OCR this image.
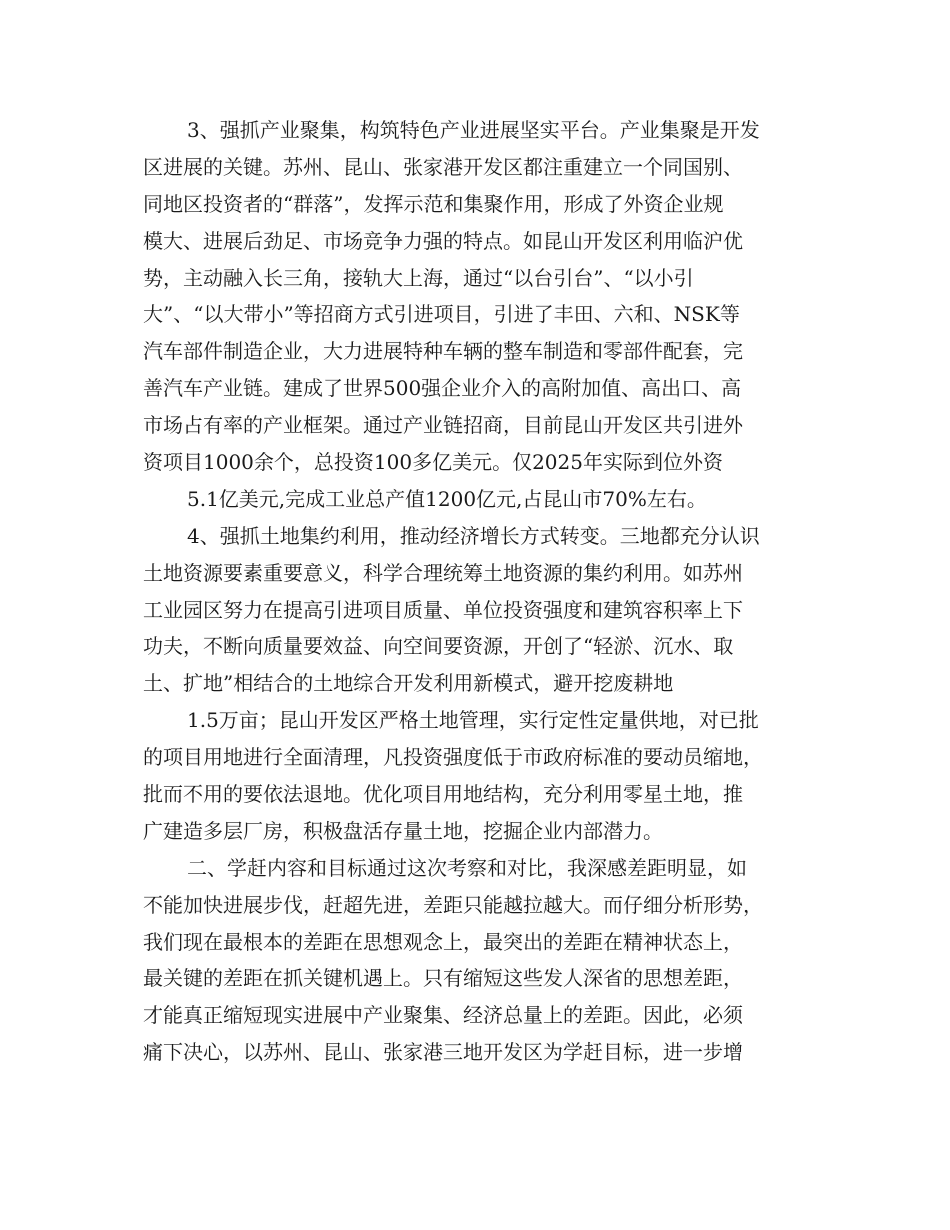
3、强抓产业聚集，构筑特色产业进展坚实平台。产业集聚是开发
区进展的关键。苏州、昆山、张家港开发区都注重建立一个同国别、
同地区投资者的“群落”，发挥示范和集聚作用，形成了外资企业规
模大、进展后劲足、市场竞争力强的特点。如昆山开发区利用临沪优
势，主动融入长三角，接轨大上海，通过“以台引台”、“以小引
大”、“以大带小”等招商方式引进项目，引进了丰田、六和、NSK等
汽车部件制造企业，大力进展特种车辆的整车制造和零部件配套，完
善汽车产业链。建成了世界500强企业介入的高附加值、高出口、高
市场占有率的产业框架。通过产业链招商，目前昆山开发区共引进外
资项目1000余个，总投资100多亿美元。仅2025年实际到位外资
5.1亿美元,完成工业总产值1200亿元,占昆山市70%左右。
4、强抓土地集约利用，推动经济增长方式转变。三地都充分认识
土地资源要素重要意义，科学合理统筹土地资源的集约利用。如苏州
工业园区努力在提高引进项目质量、单位投资强度和建筑容积率上下
功夫，不断向质量要效益、向空间要资源，开创了“轻淤、沉水、取
土、扩地”相结合的土地综合开发利用新模式，避开挖废耕地
1.5万亩；昆山开发区严格土地管理，实行定性定量供地，对已批
的项目用地进行全面清理，凡投资强度低于市政府标准的要动员缩地，
批而不用的要依法退地。优化项目用地结构，充分利用零星土地，推
广建造多层厂房，积极盘活存量土地，挖掘企业内部潜力。
二、学赶内容和目标通过这次考察和对比，我深感差距明显，如
不能加快进展步伐，赶超先进，差距只能越拉越大。而仔细分析形势，
我们现在最根本的差距在思想观念上，最突出的差距在精神状态上，
最关键的差距在抓关键机遇上。只有缩短这些发人深省的思想差距，
才能真正缩短现实进展中产业聚集、经济总量上的差距。因此，必须
痛下决心，以苏州、昆山、张家港三地开发区为学赶目标，进一步增
